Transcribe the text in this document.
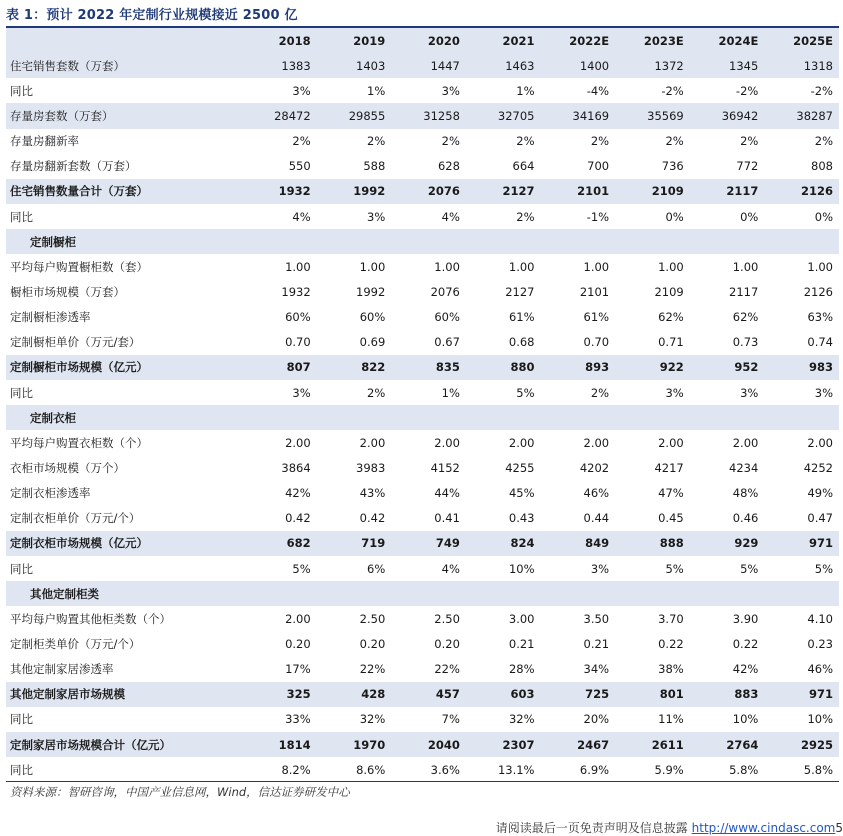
表 1：预计 2022 年定制行业规模接近 2500 亿
	2018	2019	2020	2021	2022E	2023E	2024E	2025E
住宅销售套数（万套）	1383	1403	1447	1463	1400	1372	1345	1318
同比	3%	1%	3%	1%	-4%	-2%	-2%	-2%
存量房套数（万套）	28472	29855	31258	32705	34169	35569	36942	38287
存量房翻新率	2%	2%	2%	2%	2%	2%	2%	2%
存量房翻新套数（万套）	550	588	628	664	700	736	772	808
住宅销售数量合计（万套）	1932	1992	2076	2127	2101	2109	2117	2126
同比	4%	3%	4%	2%	-1%	0%	0%	0%
定制橱柜								
平均每户购置橱柜数（套）	1.00	1.00	1.00	1.00	1.00	1.00	1.00	1.00
橱柜市场规模（万套）	1932	1992	2076	2127	2101	2109	2117	2126
定制橱柜渗透率	60%	60%	60%	61%	61%	62%	62%	63%
定制橱柜单价（万元/套）	0.70	0.69	0.67	0.68	0.70	0.71	0.73	0.74
定制橱柜市场规模（亿元）	807	822	835	880	893	922	952	983
同比	3%	2%	1%	5%	2%	3%	3%	3%
定制衣柜								
平均每户购置衣柜数（个）	2.00	2.00	2.00	2.00	2.00	2.00	2.00	2.00
衣柜市场规模（万个）	3864	3983	4152	4255	4202	4217	4234	4252
定制衣柜渗透率	42%	43%	44%	45%	46%	47%	48%	49%
定制衣柜单价（万元/个）	0.42	0.42	0.41	0.43	0.44	0.45	0.46	0.47
定制衣柜市场规模（亿元）	682	719	749	824	849	888	929	971
同比	5%	6%	4%	10%	3%	5%	5%	5%
其他定制柜类								
平均每户购置其他柜类数（个）	2.00	2.50	2.50	3.00	3.50	3.70	3.90	4.10
定制柜类单价（万元/个）	0.20	0.20	0.20	0.21	0.21	0.22	0.22	0.23
其他定制家居渗透率	17%	22%	22%	28%	34%	38%	42%	46%
其他定制家居市场规模	325	428	457	603	725	801	883	971
同比	33%	32%	7%	32%	20%	11%	10%	10%
定制家居市场规模合计（亿元）	1814	1970	2040	2307	2467	2611	2764	2925
同比	8.2%	8.6%	3.6%	13.1%	6.9%	5.9%	5.8%	5.8%
资料来源：智研咨询，中国产业信息网，Wind，信达证券研发中心
请阅读最后一页免责声明及信息披露 http://www.cindasc.com5
